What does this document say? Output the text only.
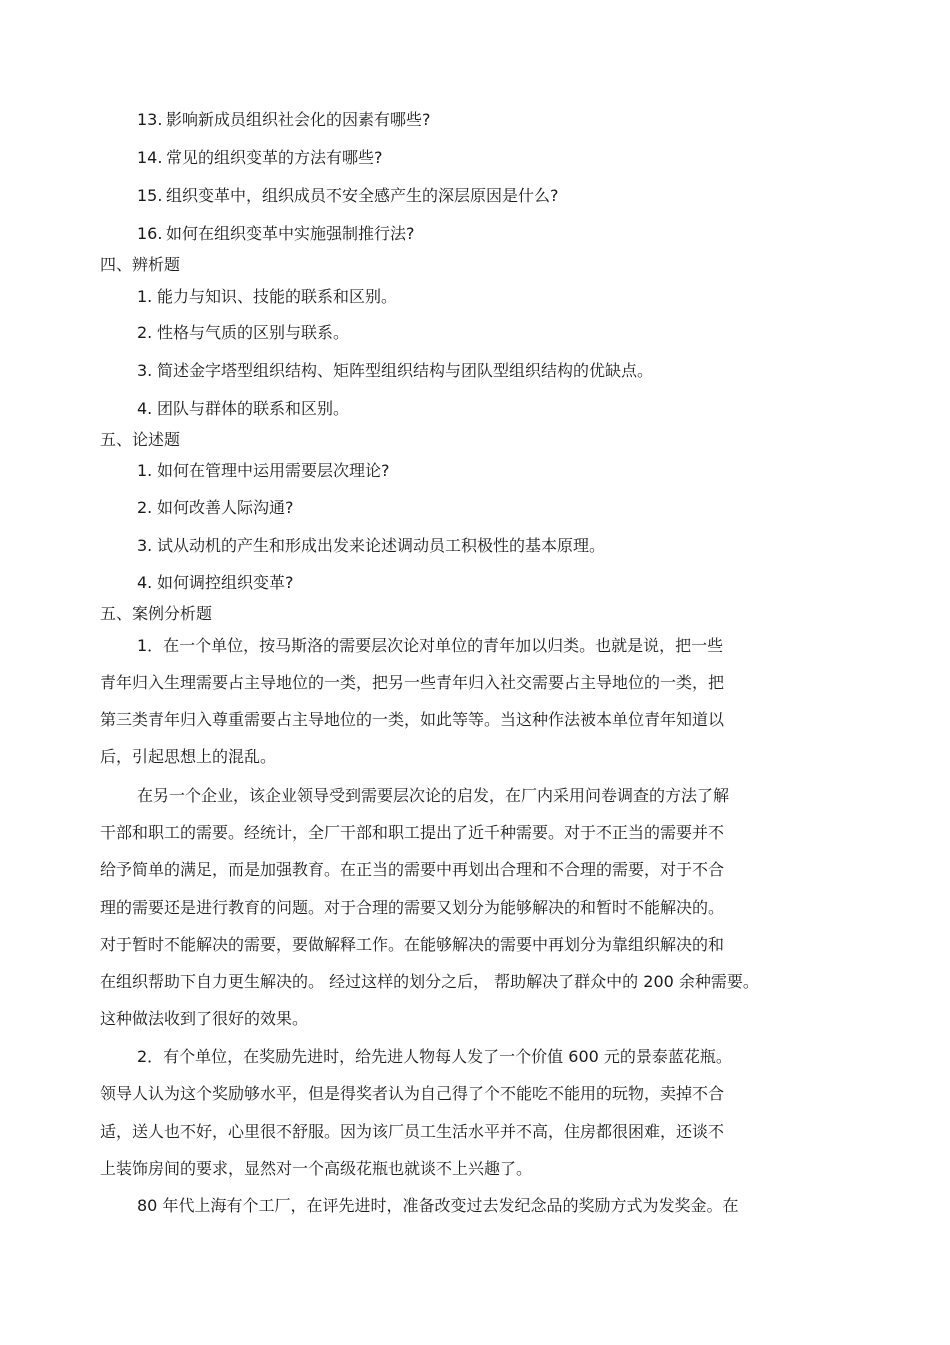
13. 影响新成员组织社会化的因素有哪些?
14. 常见的组织变革的方法有哪些?
15. 组织变革中，组织成员不安全感产生的深层原因是什么?
16. 如何在组织变革中实施强制推行法?
四、辨析题
1. 能力与知识、技能的联系和区别。
2. 性格与气质的区别与联系。
3. 简述金字塔型组织结构、矩阵型组织结构与团队型组织结构的优缺点。
4. 团队与群体的联系和区别。
五、论述题
1. 如何在管理中运用需要层次理论?
2. 如何改善人际沟通?
3. 试从动机的产生和形成出发来论述调动员工积极性的基本原理。
4. 如何调控组织变革?
五、案例分析题
1．在一个单位，按马斯洛的需要层次论对单位的青年加以归类。也就是说，把一些
青年归入生理需要占主导地位的一类，把另一些青年归入社交需要占主导地位的一类，把
第三类青年归入尊重需要占主导地位的一类，如此等等。当这种作法被本单位青年知道以
后，引起思想上的混乱。
在另一个企业，该企业领导受到需要层次论的启发，在厂内采用问卷调查的方法了解
干部和职工的需要。经统计，全厂干部和职工提出了近千种需要。对于不正当的需要并不
给予简单的满足，而是加强教育。在正当的需要中再划出合理和不合理的需要，对于不合
理的需要还是进行教育的问题。对于合理的需要又划分为能够解决的和暂时不能解决的。
对于暂时不能解决的需要，要做解释工作。在能够解决的需要中再划分为靠组织解决的和
在组织帮助下自力更生解决的。 经过这样的划分之后， 帮助解决了群众中的 200 余种需要。
这种做法收到了很好的效果。
2．有个单位，在奖励先进时，给先进人物每人发了一个价值 600 元的景泰蓝花瓶。
领导人认为这个奖励够水平，但是得奖者认为自己得了个不能吃不能用的玩物，卖掉不合
适，送人也不好，心里很不舒服。因为该厂员工生活水平并不高，住房都很困难，还谈不
上装饰房间的要求，显然对一个高级花瓶也就谈不上兴趣了。
80 年代上海有个工厂，在评先进时，准备改变过去发纪念品的奖励方式为发奖金。在
